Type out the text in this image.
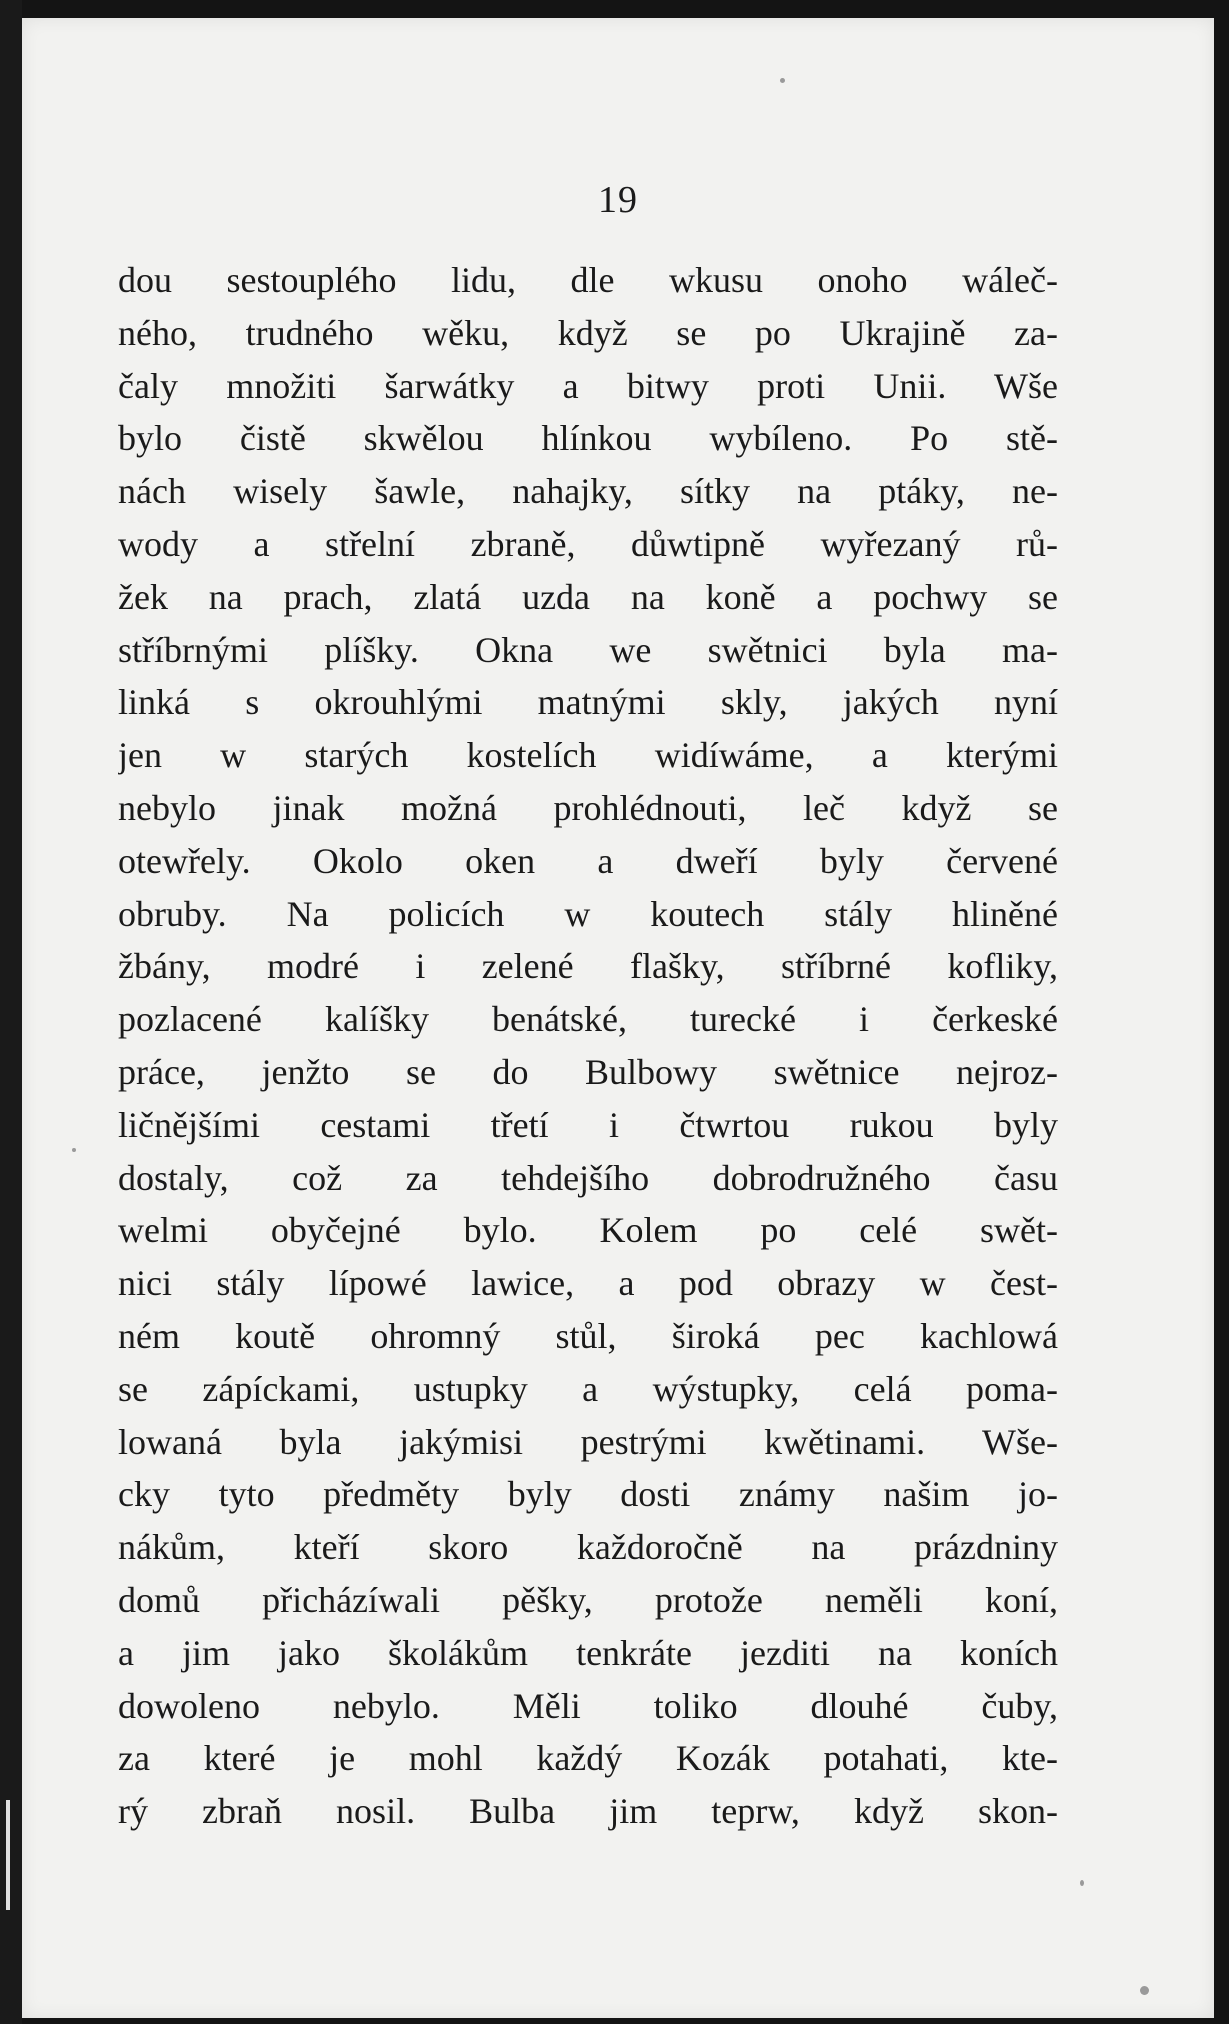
19
dou sestouplého lidu, dle wkusu onoho wáleč-
ného, trudného wěku, když se po Ukrajině za-
čaly množiti šarwátky a bitwy proti Unii. Wše
bylo čistě skwělou hlínkou wybíleno. Po stě-
nách wisely šawle, nahajky, sítky na ptáky, ne-
wody a střelní zbraně, důwtipně wyřezaný rů-
žek na prach, zlatá uzda na koně a pochwy se
stříbrnými plíšky. Okna we swětnici byla ma-
linká s okrouhlými matnými skly, jakých nyní
jen w starých kostelích widíwáme, a kterými
nebylo jinak možná prohlédnouti, leč když se
otewřely. Okolo oken a dweří byly červené
obruby. Na policích w koutech stály hliněné
žbány, modré i zelené flašky, stříbrné kofliky,
pozlacené kalíšky benátské, turecké i čerkeské
práce, jenžto se do Bulbowy swětnice nejroz-
ličnějšími cestami třetí i čtwrtou rukou byly
dostaly, což za tehdejšího dobrodružného času
welmi obyčejné bylo. Kolem po celé swět-
nici stály lípowé lawice, a pod obrazy w čest-
ném koutě ohromný stůl, široká pec kachlowá
se zápíckami, ustupky a wýstupky, celá poma-
lowaná byla jakýmisi pestrými kwětinami. Wše-
cky tyto předměty byly dosti známy našim jo-
nákům, kteří skoro každoročně na prázdniny
domů přicházíwali pěšky, protože neměli koní,
a jim jako školákům tenkráte jezditi na koních
dowoleno nebylo. Měli toliko dlouhé čuby,
za které je mohl každý Kozák potahati, kte-
rý zbraň nosil. Bulba jim teprw, když skon-
